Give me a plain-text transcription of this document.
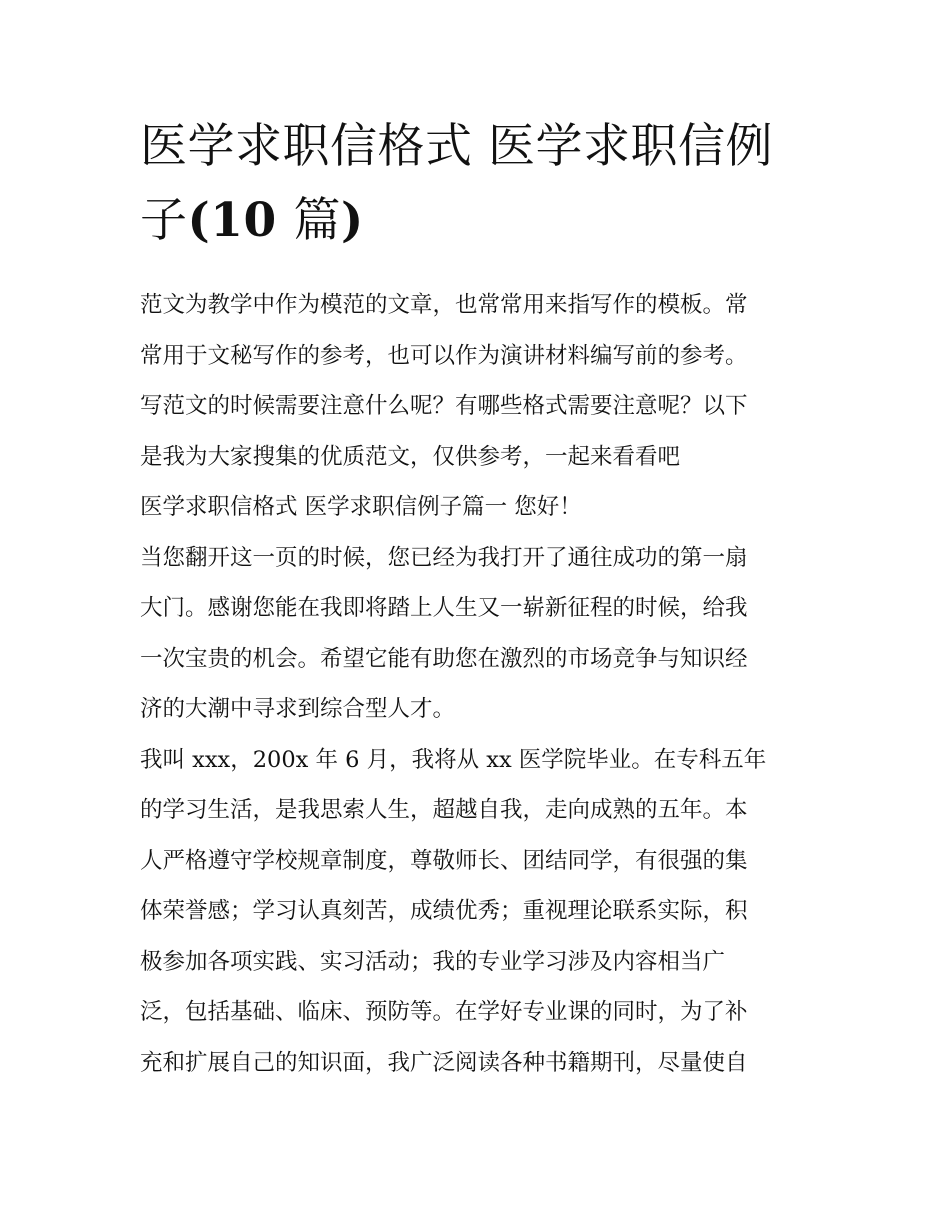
医学求职信格式 医学求职信例
子(10 篇)

范文为教学中作为模范的文章，也常常用来指写作的模板。常
常用于文秘写作的参考，也可以作为演讲材料编写前的参考。
写范文的时候需要注意什么呢？有哪些格式需要注意呢？以下
是我为大家搜集的优质范文，仅供参考，一起来看看吧

医学求职信格式 医学求职信例子篇一 您好！

当您翻开这一页的时候，您已经为我打开了通往成功的第一扇
大门。感谢您能在我即将踏上人生又一崭新征程的时候，给我
一次宝贵的机会。希望它能有助您在激烈的市场竞争与知识经
济的大潮中寻求到综合型人才。

我叫 xxx，200x 年 6 月，我将从 xx 医学院毕业。在专科五年
的学习生活，是我思索人生，超越自我，走向成熟的五年。本
人严格遵守学校规章制度，尊敬师长、团结同学，有很强的集
体荣誉感；学习认真刻苦，成绩优秀；重视理论联系实际，积
极参加各项实践、实习活动；我的专业学习涉及内容相当广
泛，包括基础、临床、预防等。在学好专业课的同时，为了补
充和扩展自己的知识面，我广泛阅读各种书籍期刊，尽量使自
